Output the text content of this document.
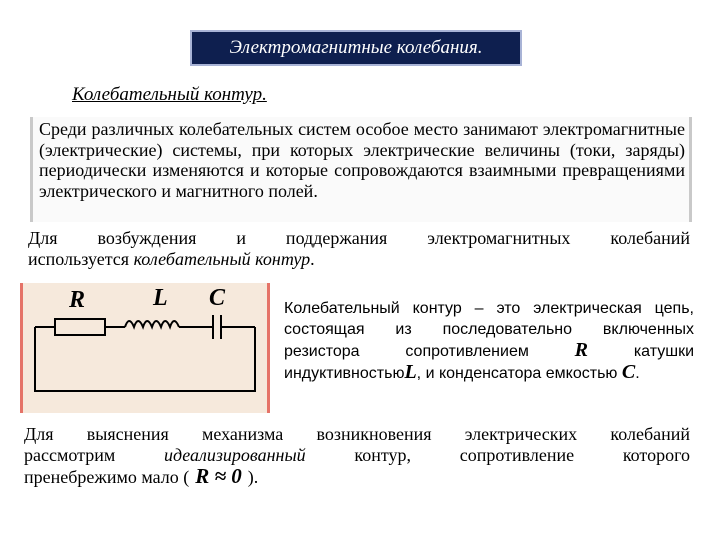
Электромагнитные колебания.
Колебательный контур.
Среди различных колебательных систем особое место занимают электромагнитные (электрические) системы, при которых электрические величины (токи, заряды) периодически изменяются и которые сопровождаются взаимными превращениями электрического и магнитного полей.
Для возбуждения и поддержания электромагнитных колебаний
используется колебательный контур.
R	L C	Колебательный контур – это электрическая цепь, состоящая из последовательно включенных резистора сопротивлением R	катушки индуктивностьюL, и конденсатора емкостью C.
Для выяснения механизма возникновения электрических колебаний
рассмотрим идеализированный контур, сопротивление которого
пренебрежимо мало ( R ≈ 0 ).
